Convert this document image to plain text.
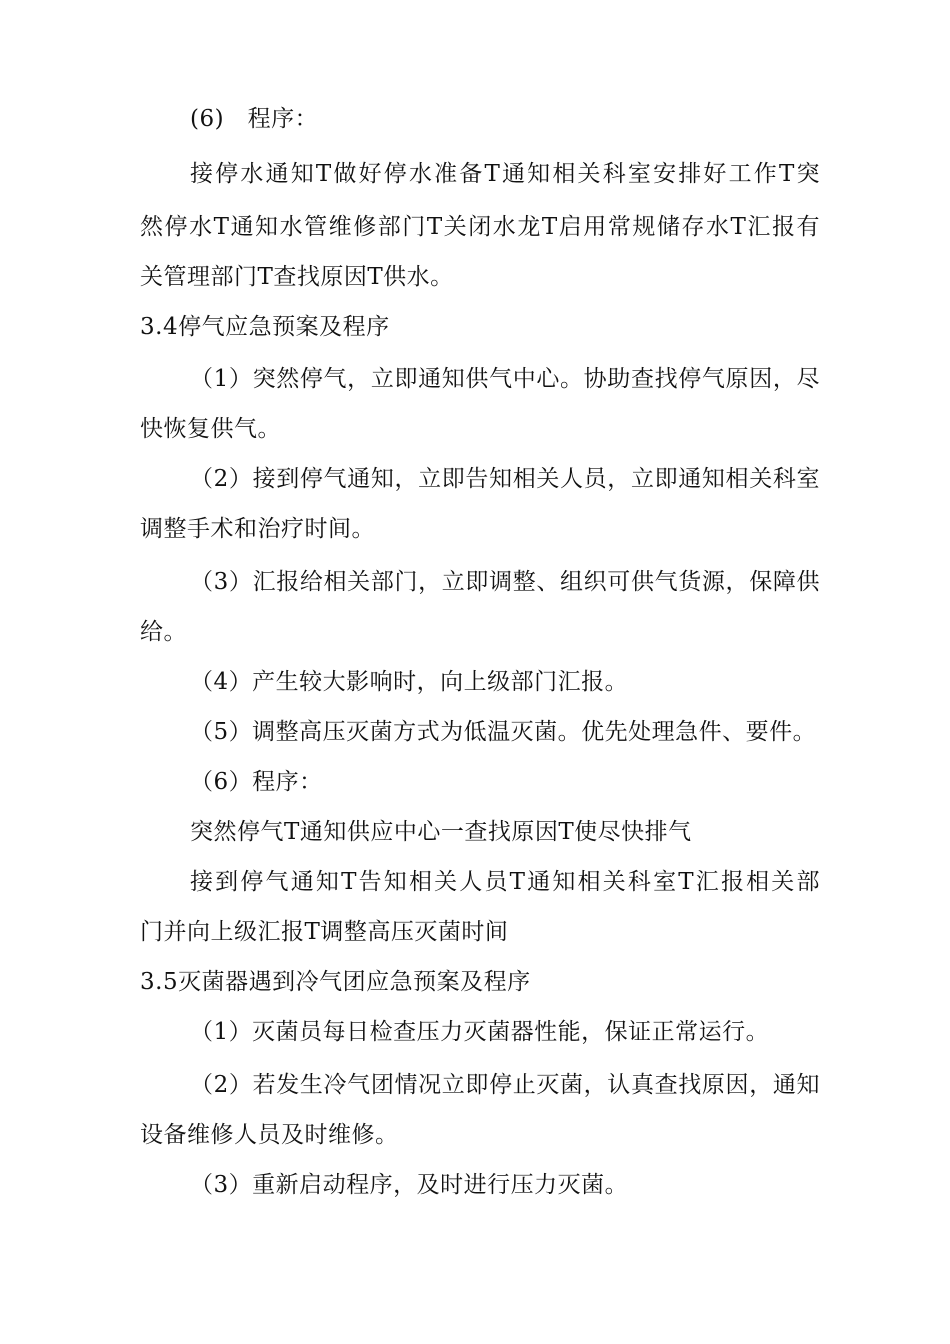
(6)　程序：
接停水通知T做好停水准备T通知相关科室安排好工作T突
然停水T通知水管维修部门T关闭水龙T启用常规储存水T汇报有
关管理部门T查找原因T供水。
3.4停气应急预案及程序
（1）突然停气，立即通知供气中心。协助查找停气原因，尽
快恢复供气。
（2）接到停气通知，立即告知相关人员，立即通知相关科室
调整手术和治疗时间。
（3）汇报给相关部门，立即调整、组织可供气货源，保障供
给。
（4）产生较大影响时，向上级部门汇报。
（5）调整高压灭菌方式为低温灭菌。优先处理急件、要件。
（6）程序：
突然停气T通知供应中心一查找原因T使尽快排气
接到停气通知T告知相关人员T通知相关科室T汇报相关部
门并向上级汇报T调整高压灭菌时间
3.5灭菌器遇到冷气团应急预案及程序
（1）灭菌员每日检查压力灭菌器性能，保证正常运行。
（2）若发生冷气团情况立即停止灭菌，认真查找原因，通知
设备维修人员及时维修。
（3）重新启动程序，及时进行压力灭菌。
